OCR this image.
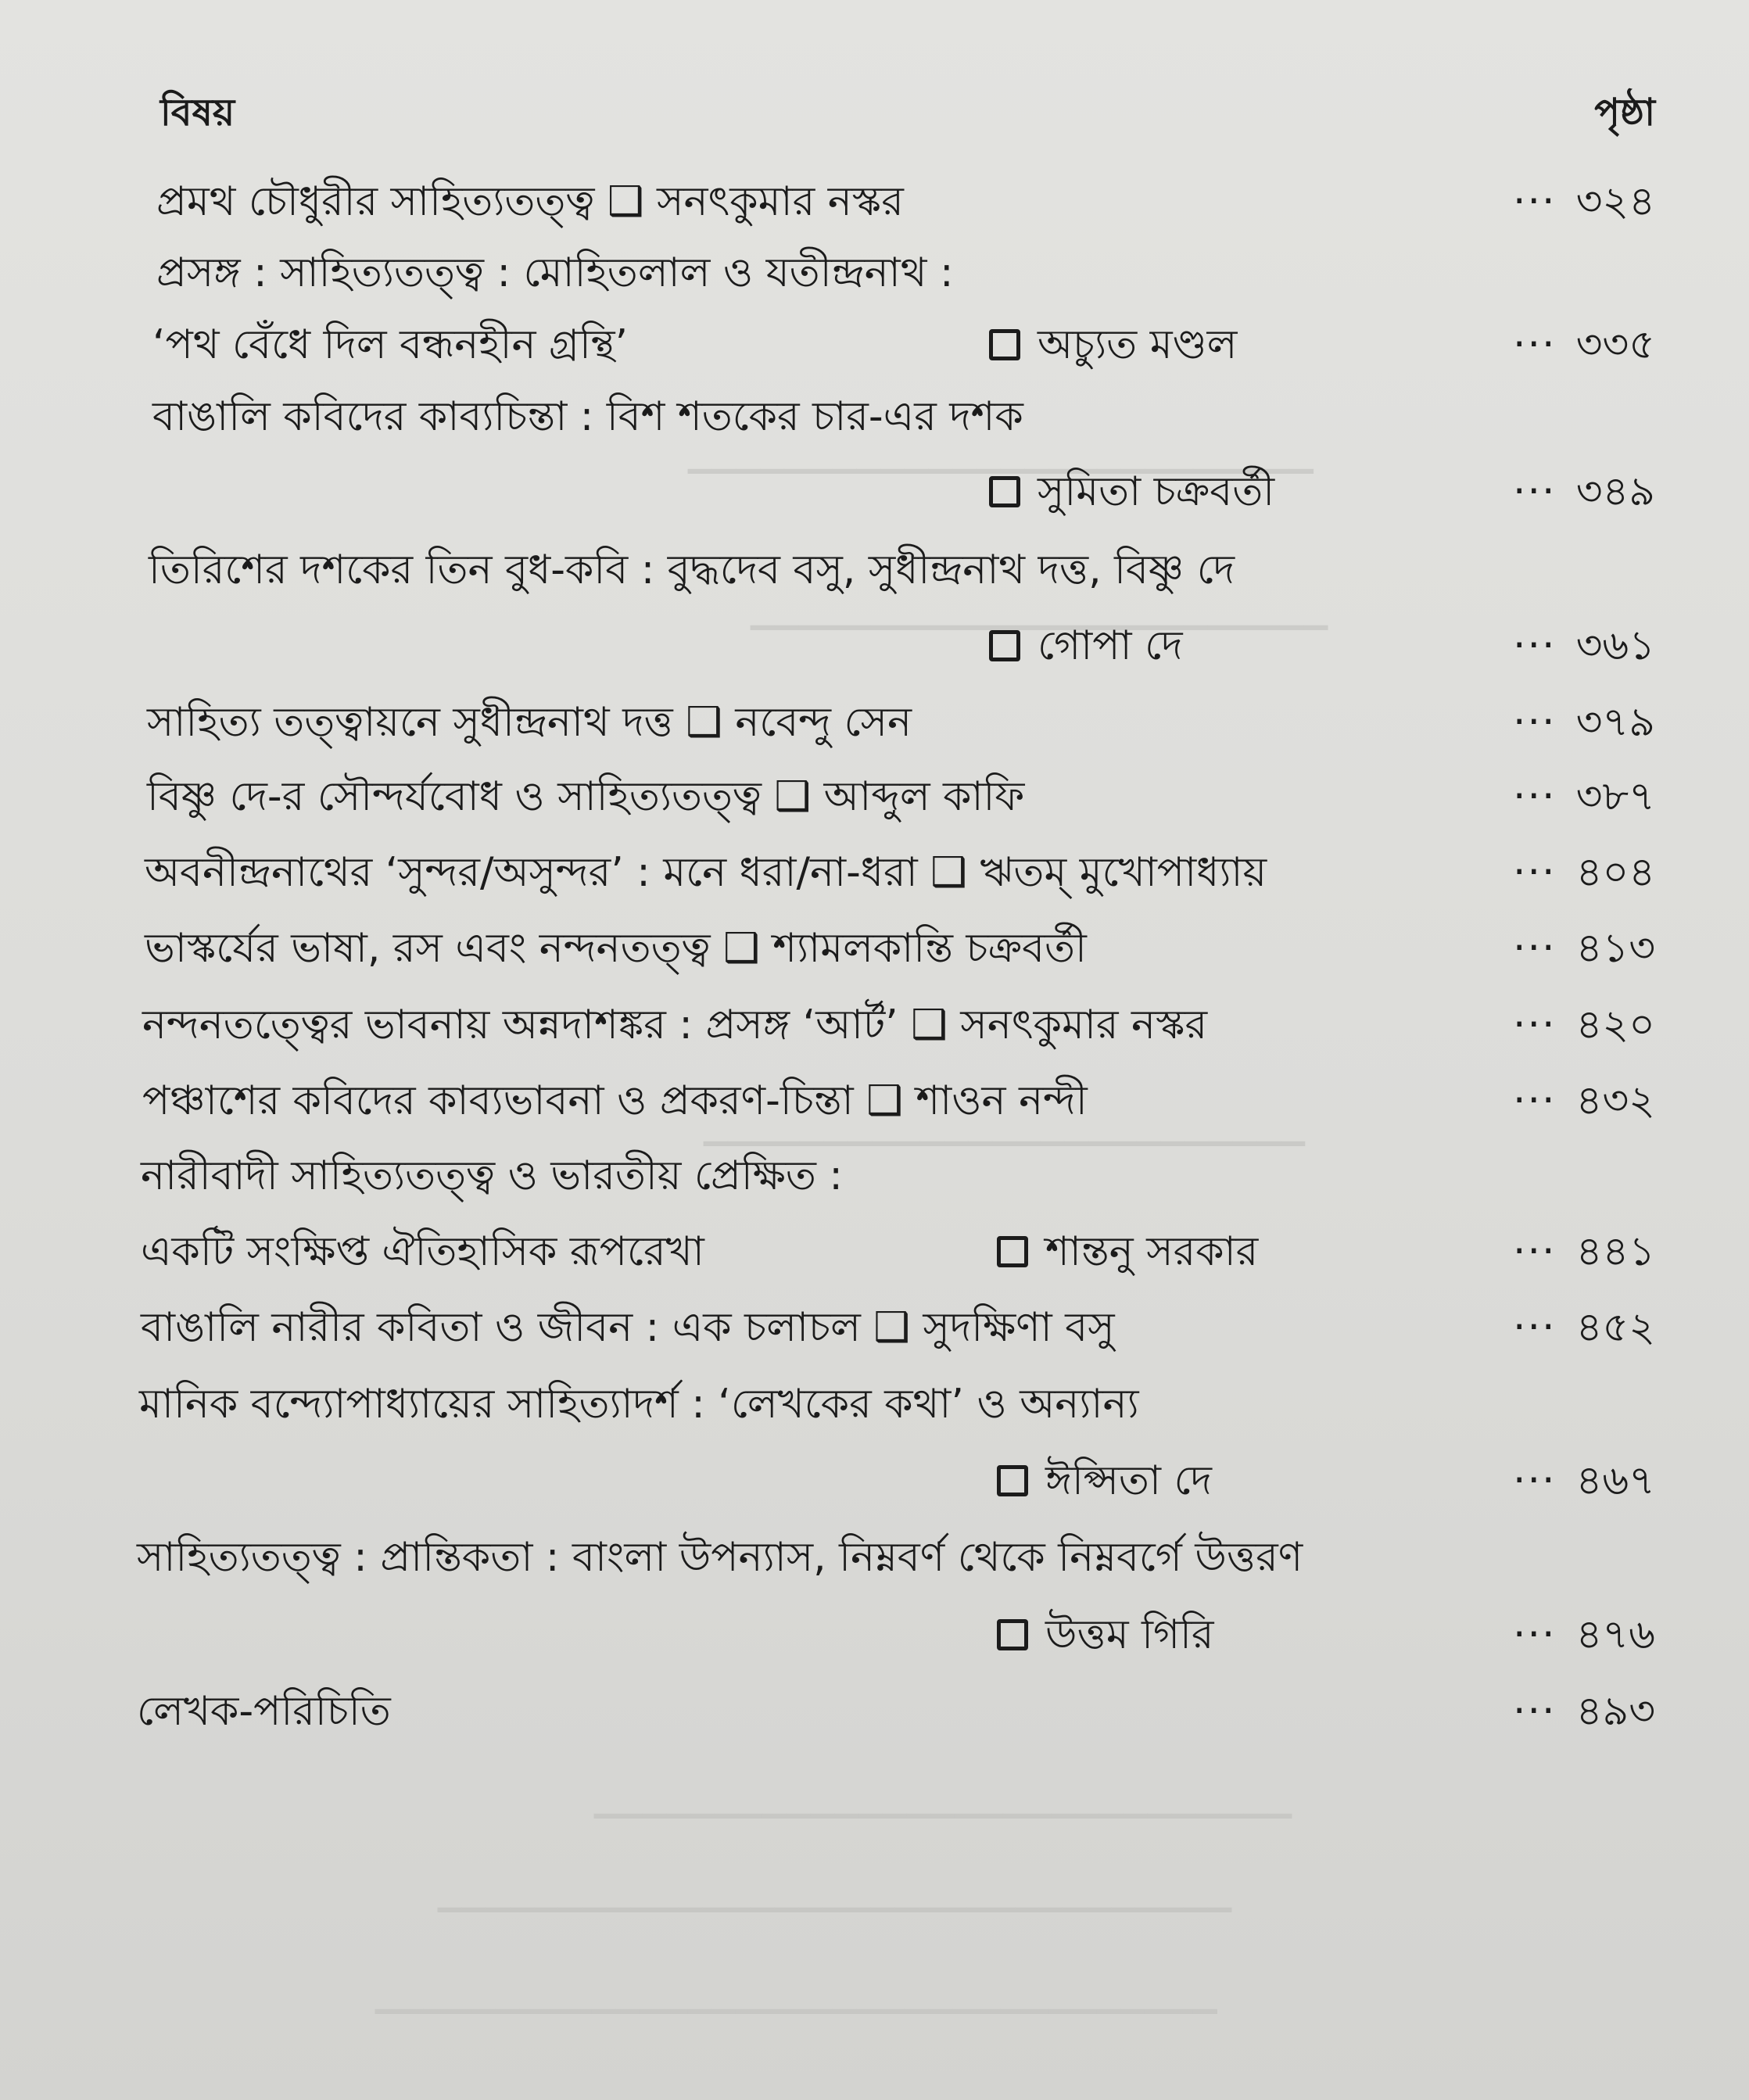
▁▁▁▁▁▁▁▁▁▁▁▁▁▁▁▁▁▁▁▁▁▁▁▁▁▁
▁▁▁▁▁▁▁▁▁▁▁▁▁▁▁▁▁▁▁▁▁▁▁▁
▁▁▁▁▁▁▁▁▁▁▁▁▁▁▁▁▁▁▁▁▁▁▁▁▁
▁▁▁▁▁▁▁▁▁▁▁▁▁▁▁▁▁▁▁▁▁▁▁▁▁▁▁▁▁
▁▁▁▁▁▁▁▁▁▁▁▁▁▁▁▁▁▁▁▁▁▁▁▁▁▁▁▁▁▁▁▁▁
▁▁▁▁▁▁▁▁▁▁▁▁▁▁▁▁▁▁▁▁▁▁▁▁▁▁▁▁▁▁▁▁▁▁▁
বিষয়	পৃষ্ঠা
প্রমথ চৌধুরীর সাহিত্যতত্ত্ব ❑ সনৎকুমার নস্কর	··· ৩২৪
প্রসঙ্গ : সাহিত্যতত্ত্ব : মোহিতলাল ও যতীন্দ্রনাথ :
‘পথ বেঁধে দিল বন্ধনহীন গ্রন্থি’	অচ্যুত মণ্ডল	··· ৩৩৫
বাঙালি কবিদের কাব্যচিন্তা : বিশ শতকের চার-এর দশক
সুমিতা চক্রবর্তী	··· ৩৪৯
তিরিশের দশকের তিন বুধ-কবি : বুদ্ধদেব বসু, সুধীন্দ্রনাথ দত্ত, বিষ্ণু দে
গোপা দে	··· ৩৬১
সাহিত্য তত্ত্বায়নে সুধীন্দ্রনাথ দত্ত ❑ নবেন্দু সেন	··· ৩৭৯
বিষ্ণু দে-র সৌন্দর্যবোধ ও সাহিত্যতত্ত্ব ❑ আব্দুল কাফি	··· ৩৮৭
অবনীন্দ্রনাথের ‘সুন্দর/অসুন্দর’ : মনে ধরা/না-ধরা ❑ ঋতম্ মুখোপাধ্যায়	··· ৪০৪
ভাস্কর্যের ভাষা, রস এবং নন্দনতত্ত্ব ❑ শ্যামলকান্তি চক্রবর্তী	··· ৪১৩
নন্দনতত্ত্বের ভাবনায় অন্নদাশঙ্কর : প্রসঙ্গ ‘আর্ট’ ❑ সনৎকুমার নস্কর	··· ৪২০
পঞ্চাশের কবিদের কাব্যভাবনা ও প্রকরণ-চিন্তা ❑ শাওন নন্দী	··· ৪৩২
নারীবাদী সাহিত্যতত্ত্ব ও ভারতীয় প্রেক্ষিত :
একটি সংক্ষিপ্ত ঐতিহাসিক রূপরেখা	শান্তনু সরকার	··· ৪৪১
বাঙালি নারীর কবিতা ও জীবন : এক চলাচল ❑ সুদক্ষিণা বসু	··· ৪৫২
মানিক বন্দ্যোপাধ্যায়ের সাহিত্যাদর্শ : ‘লেখকের কথা’ ও অন্যান্য
ঈপ্সিতা দে	··· ৪৬৭
সাহিত্যতত্ত্ব : প্রান্তিকতা : বাংলা উপন্যাস, নিম্নবর্ণ থেকে নিম্নবর্গে উত্তরণ
উত্তম গিরি	··· ৪৭৬
লেখক-পরিচিতি	··· ৪৯৩
